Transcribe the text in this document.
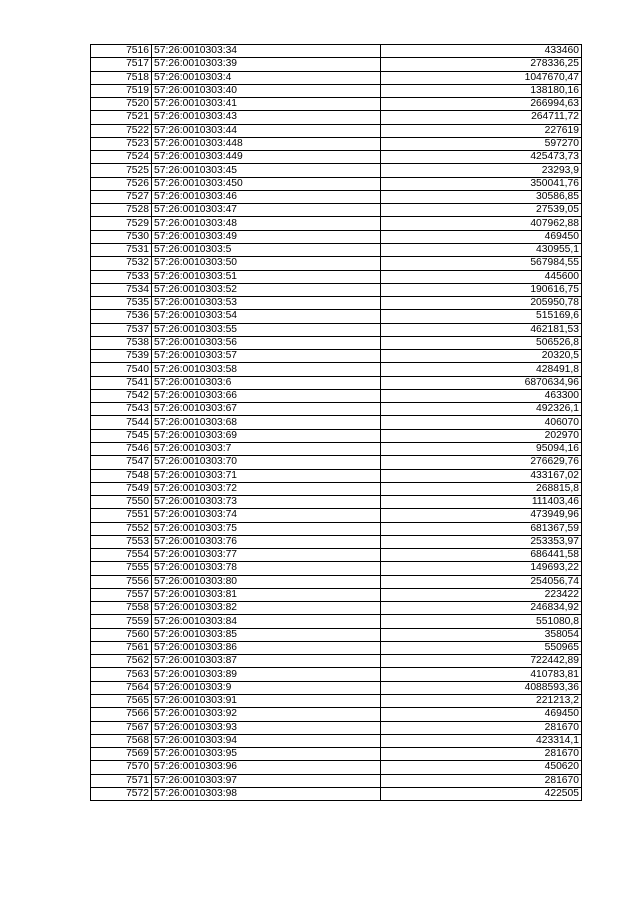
7516	57:26:0010303:34	433460
7517	57:26:0010303:39	278336,25
7518	57:26:0010303:4	1047670,47
7519	57:26:0010303:40	138180,16
7520	57:26:0010303:41	266994,63
7521	57:26:0010303:43	264711,72
7522	57:26:0010303:44	227619
7523	57:26:0010303:448	597270
7524	57:26:0010303:449	425473,73
7525	57:26:0010303:45	23293,9
7526	57:26:0010303:450	350041,76
7527	57:26:0010303:46	30586,85
7528	57:26:0010303:47	27539,05
7529	57:26:0010303:48	407962,88
7530	57:26:0010303:49	469450
7531	57:26:0010303:5	430955,1
7532	57:26:0010303:50	567984,55
7533	57:26:0010303:51	445600
7534	57:26:0010303:52	190616,75
7535	57:26:0010303:53	205950,78
7536	57:26:0010303:54	515169,6
7537	57:26:0010303:55	462181,53
7538	57:26:0010303:56	506526,8
7539	57:26:0010303:57	20320,5
7540	57:26:0010303:58	428491,8
7541	57:26:0010303:6	6870634,96
7542	57:26:0010303:66	463300
7543	57:26:0010303:67	492326,1
7544	57:26:0010303:68	406070
7545	57:26:0010303:69	202970
7546	57:26:0010303:7	95094,16
7547	57:26:0010303:70	276629,76
7548	57:26:0010303:71	433167,02
7549	57:26:0010303:72	268815,8
7550	57:26:0010303:73	111403,46
7551	57:26:0010303:74	473949,96
7552	57:26:0010303:75	681367,59
7553	57:26:0010303:76	253353,97
7554	57:26:0010303:77	686441,58
7555	57:26:0010303:78	149693,22
7556	57:26:0010303:80	254056,74
7557	57:26:0010303:81	223422
7558	57:26:0010303:82	246834,92
7559	57:26:0010303:84	551080,8
7560	57:26:0010303:85	358054
7561	57:26:0010303:86	550965
7562	57:26:0010303:87	722442,89
7563	57:26:0010303:89	410783,81
7564	57:26:0010303:9	4088593,36
7565	57:26:0010303:91	221213,2
7566	57:26:0010303:92	469450
7567	57:26:0010303:93	281670
7568	57:26:0010303:94	423314,1
7569	57:26:0010303:95	281670
7570	57:26:0010303:96	450620
7571	57:26:0010303:97	281670
7572	57:26:0010303:98	422505
